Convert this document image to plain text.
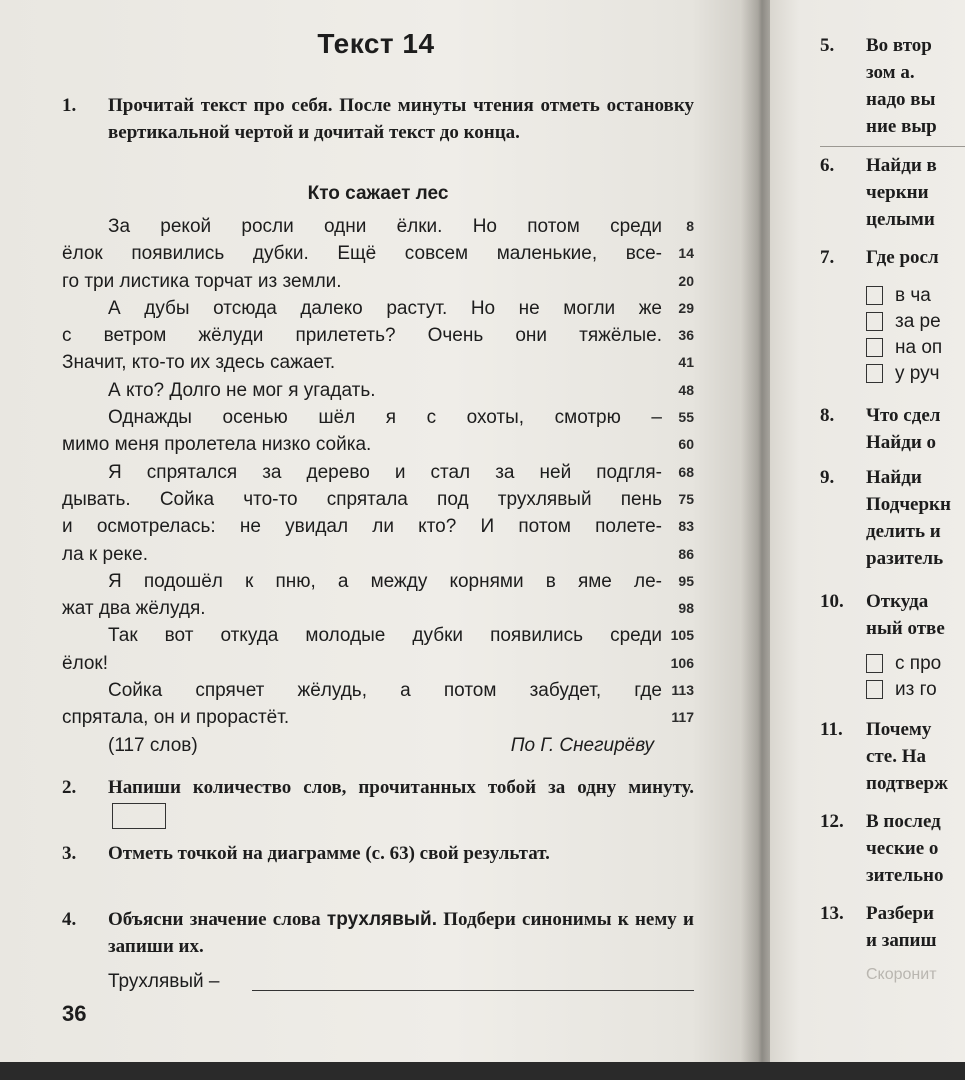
Текст 14
1.	Прочитай текст про себя. После минуты чтения отметь остановку вертикальной чертой и дочитай текст до конца.
Кто сажает лес
За рекой росли одни ёлки. Но потом среди	8
ёлок появились дубки. Ещё совсем маленькие, все-	14
го три листика торчат из земли.	20
А дубы отсюда далеко растут. Но не могли же	29
с ветром жёлуди прилететь? Очень они тяжёлые.	36
Значит, кто-то их здесь сажает.	41
А кто? Долго не мог я угадать.	48
Однажды осенью шёл я с охоты, смотрю –	55
мимо меня пролетела низко сойка.	60
Я спрятался за дерево и стал за ней подгля-	68
дывать. Сойка что-то спрятала под трухлявый пень	75
и осмотрелась: не увидал ли кто? И потом полете-	83
ла к реке.	86
Я подошёл к пню, а между корнями в яме ле-	95
жат два жёлудя.	98
Так вот откуда молодые дубки появились среди 105
ёлок!	106
Сойка спрячет жёлудь, а потом забудет, где 113
спрятала, он и прорастёт.	117
(117 слов)	По Г. Снегирёву
2.	Напиши количество слов, прочитанных тобой за одну минуту.
3.	Отметь точкой на диаграмме (с. 63) свой результат.
4.	Объясни значение слова трухлявый. Подбери синонимы к нему и запиши их.
Трухлявый –
36
5. Во втор
зом а.
надо вы
ние выр
6. Найди в
черкни
целыми
7. Где росл
в ча
за ре
на оп
у руч
8. Что сдел
Найди о
9. Найди
Подчеркн
делить и
разитель
10. Откуда
ный отве
с про
из го
11. Почему
сте. На
подтверж
12. В послед
ческие о
зительно
13. Разбери
и запиш
Скоронит
